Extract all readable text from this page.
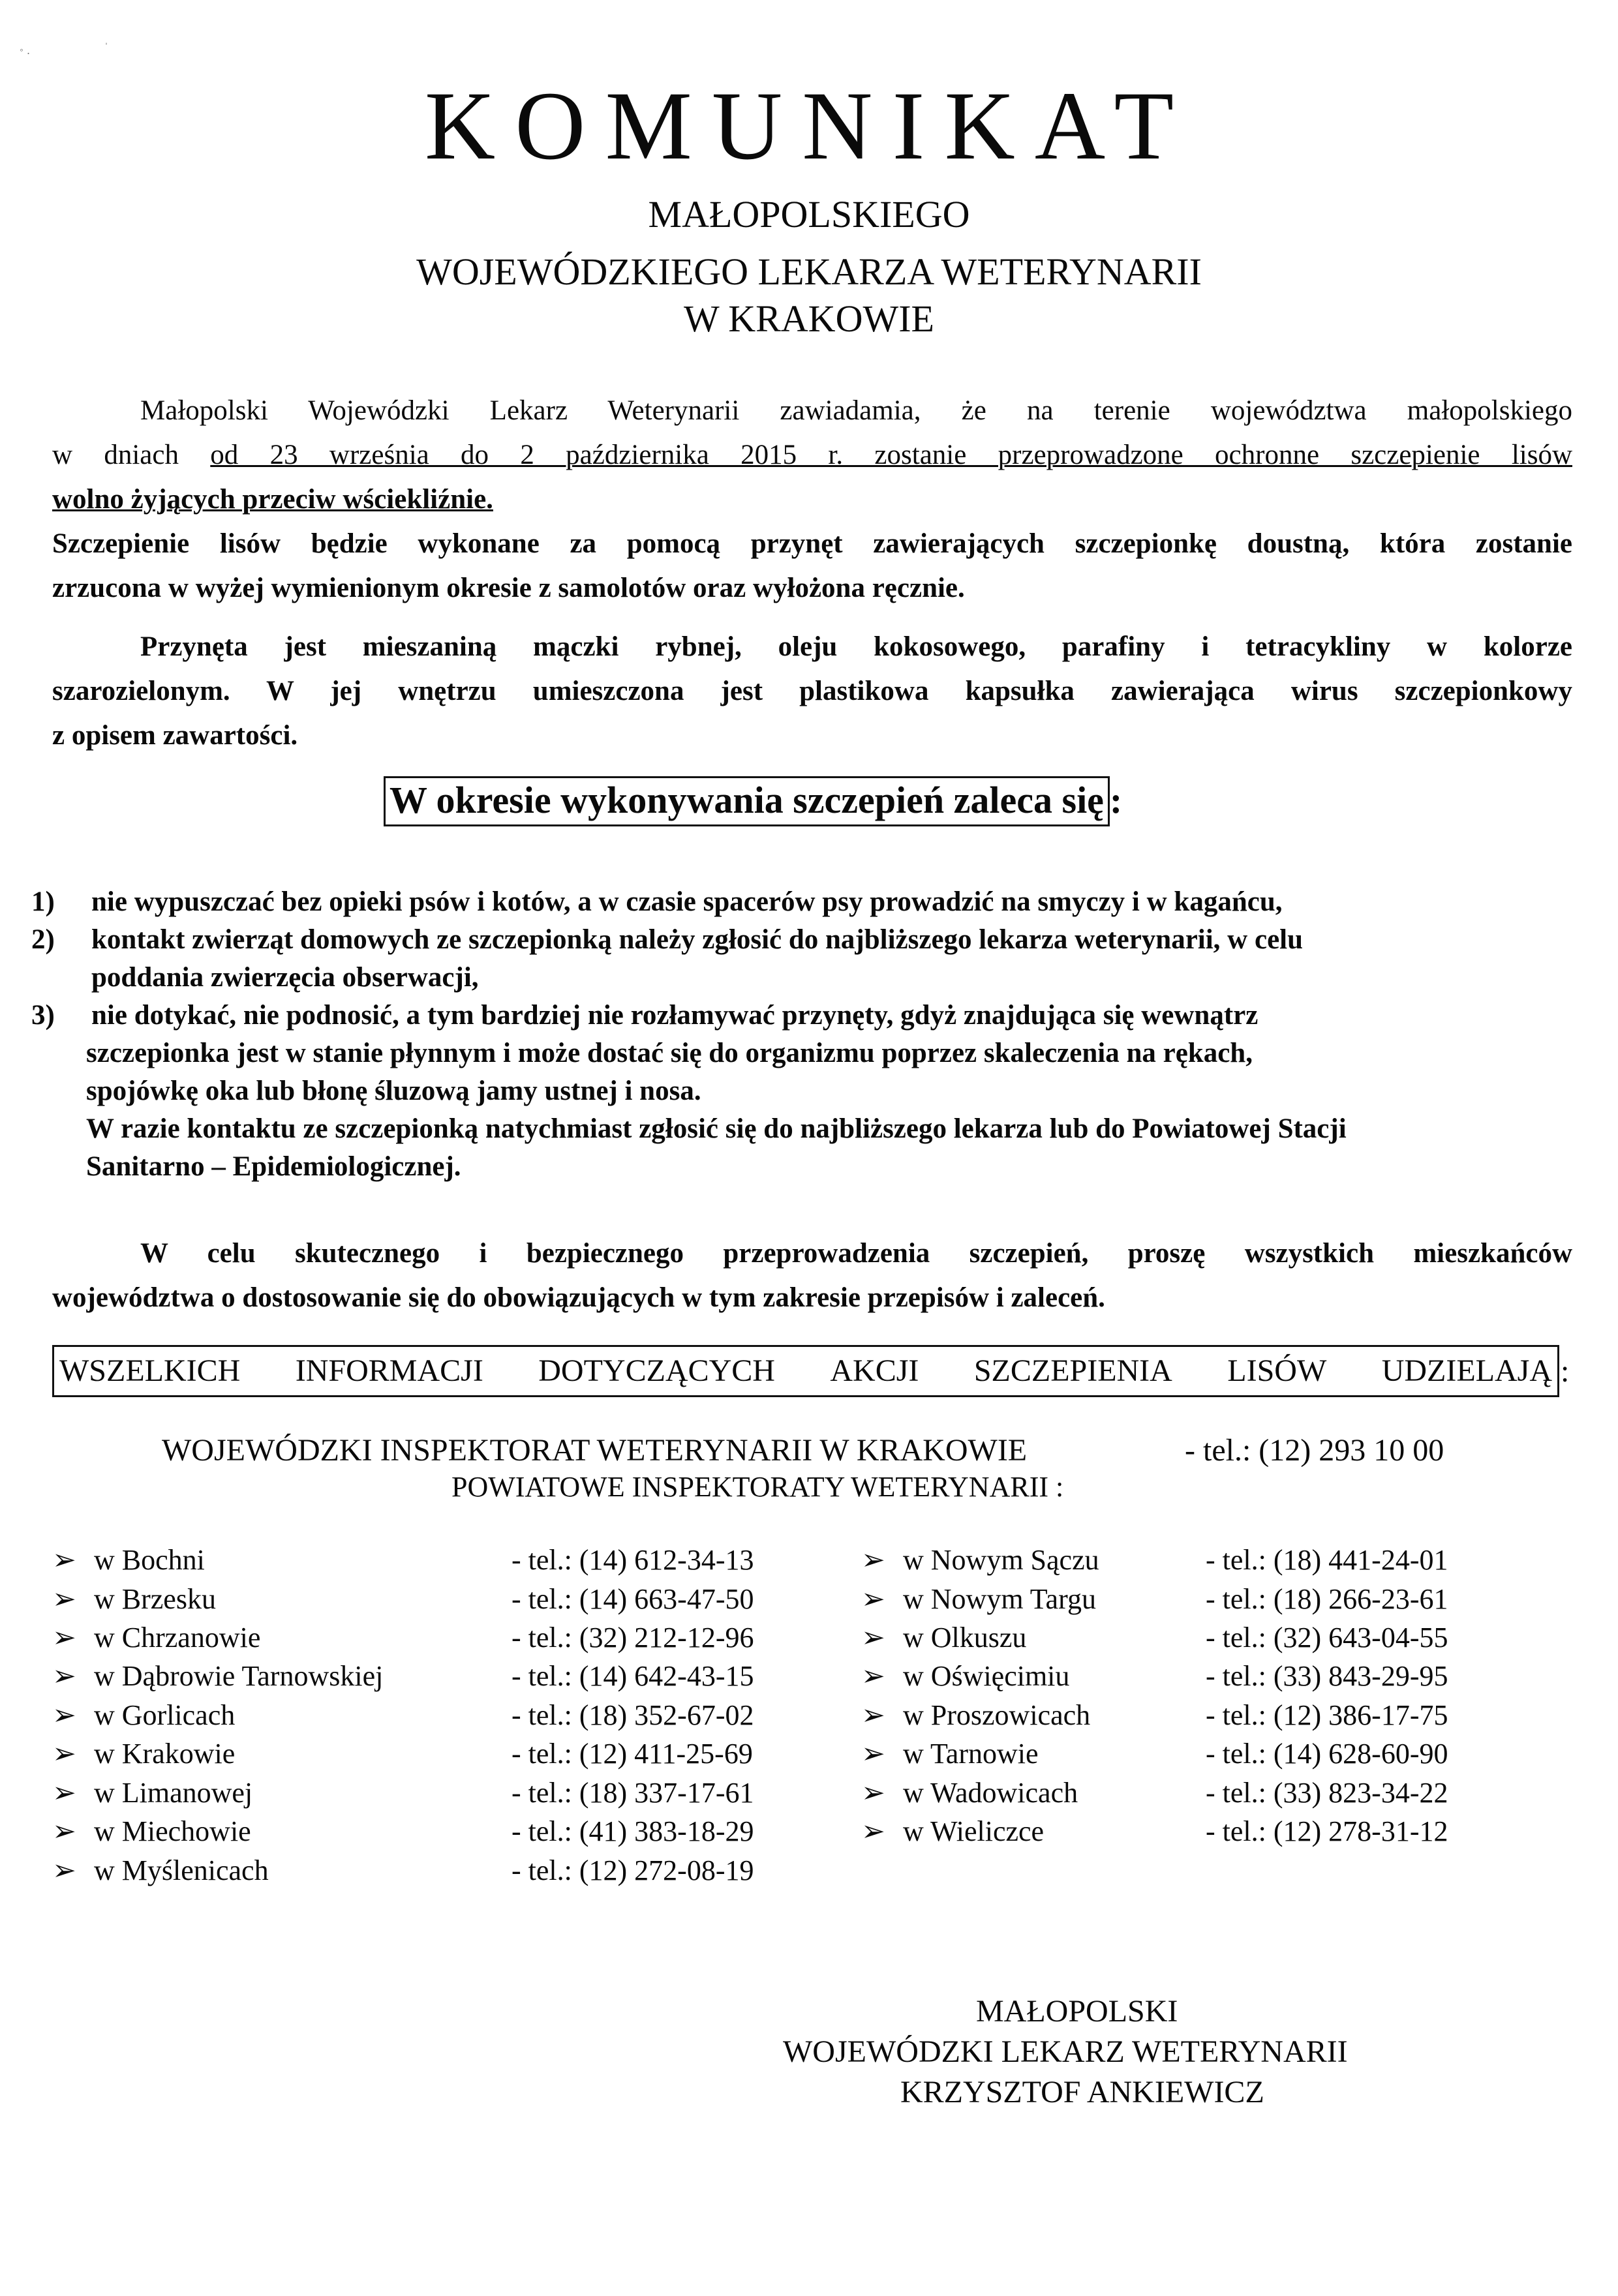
˚ ·	ˈ
KOMUNIKAT
MAŁOPOLSKIEGO
WOJEWÓDZKIEGO LEKARZA WETERYNARII
W KRAKOWIE
Małopolski Wojewódzki Lekarz Weterynarii zawiadamia, że na terenie województwa małopolskiego
w dniach od 23 września do 2 października 2015 r. zostanie przeprowadzone ochronne szczepienie lisów
wolno żyjących przeciw wściekliźnie.
Szczepienie lisów będzie wykonane za pomocą przynęt zawierających szczepionkę doustną, która zostanie
zrzucona w wyżej wymienionym okresie z samolotów oraz wyłożona ręcznie.
Przynęta jest mieszaniną mączki rybnej, oleju kokosowego, parafiny i tetracykliny w kolorze
szarozielonym. W jej wnętrzu umieszczona jest plastikowa kapsułka zawierająca wirus szczepionkowy
z opisem zawartości.
W okresie wykonywania szczepień zaleca się :
1) nie wypuszczać bez opieki psów i kotów, a w czasie spacerów psy prowadzić na smyczy i w kagańcu,
2) kontakt zwierząt domowych ze szczepionką należy zgłosić do najbliższego lekarza weterynarii, w celu
poddania zwierzęcia obserwacji,
3) nie dotykać, nie podnosić, a tym bardziej nie rozłamywać przynęty, gdyż znajdująca się wewnątrz
szczepionka jest w stanie płynnym i może dostać się do organizmu poprzez skaleczenia na rękach,
spojówkę oka lub błonę śluzową jamy ustnej i nosa.
W razie kontaktu ze szczepionką natychmiast zgłosić się do najbliższego lekarza lub do Powiatowej Stacji
Sanitarno – Epidemiologicznej.
W celu skutecznego i bezpiecznego przeprowadzenia szczepień, proszę wszystkich mieszkańców
województwa o dostosowanie się do obowiązujących w tym zakresie przepisów i zaleceń.
WSZELKICH INFORMACJI DOTYCZĄCYCH AKCJI SZCZEPIENIA LISÓW UDZIELAJĄ :
WOJEWÓDZKI INSPEKTORAT WETERYNARII W KRAKOWIE	- tel.: (12) 293 10 00
POWIATOWE INSPEKTORATY WETERYNARII :
➢ w Bochni	- tel.: (14) 612-34-13
➢ w Brzesku	- tel.: (14) 663-47-50
➢ w Chrzanowie	- tel.: (32) 212-12-96
➢ w Dąbrowie Tarnowskiej	- tel.: (14) 642-43-15
➢ w Gorlicach	- tel.: (18) 352-67-02
➢ w Krakowie	- tel.: (12) 411-25-69
➢ w Limanowej	- tel.: (18) 337-17-61
➢ w Miechowie	- tel.: (41) 383-18-29
➢ w Myślenicach	- tel.: (12) 272-08-19
➢ w Nowym Sączu	- tel.: (18) 441-24-01
➢ w Nowym Targu	- tel.: (18) 266-23-61
➢ w Olkuszu	- tel.: (32) 643-04-55
➢ w Oświęcimiu	- tel.: (33) 843-29-95
➢ w Proszowicach	- tel.: (12) 386-17-75
➢ w Tarnowie	- tel.: (14) 628-60-90
➢ w Wadowicach	- tel.: (33) 823-34-22
➢ w Wieliczce	- tel.: (12) 278-31-12
MAŁOPOLSKI
WOJEWÓDZKI LEKARZ WETERYNARII
KRZYSZTOF ANKIEWICZ
